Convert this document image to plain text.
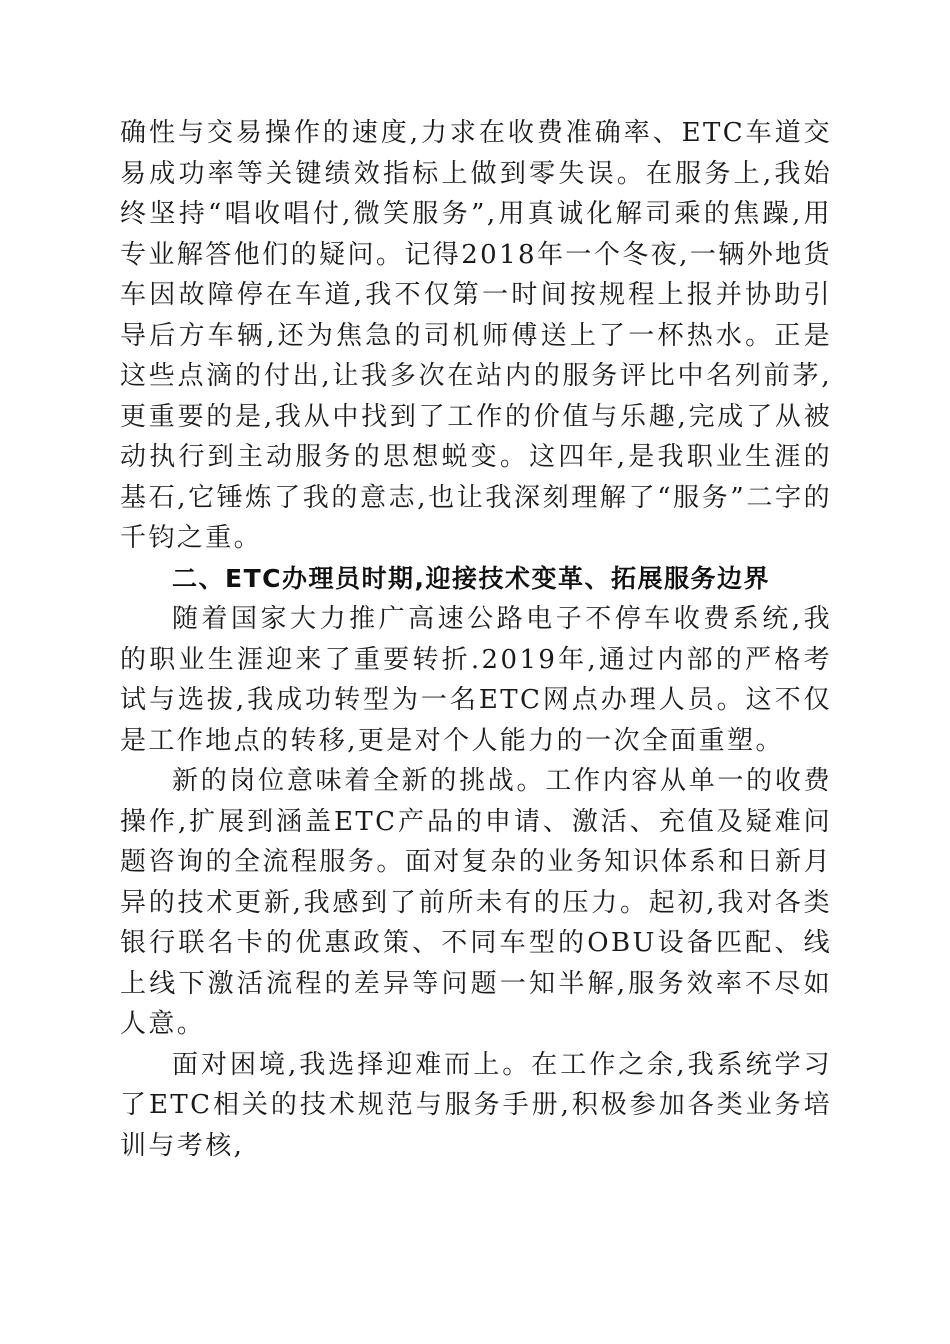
确性与交易操作的速度,力求在收费准确率、ETC车道交易成功率等关键绩效指标上做到零失误。在服务上,我始终坚持“唱收唱付,微笑服务”,用真诚化解司乘的焦躁,用专业解答他们的疑问。记得2018年一个冬夜,一辆外地货车因故障停在车道,我不仅第一时间按规程上报并协助引导后方车辆,还为焦急的司机师傅送上了一杯热水。正是这些点滴的付出,让我多次在站内的服务评比中名列前茅,更重要的是,我从中找到了工作的价值与乐趣,完成了从被动执行到主动服务的思想蜕变。这四年,是我职业生涯的基石,它锤炼了我的意志,也让我深刻理解了“服务”二字的千钧之重。

二、ETC办理员时期,迎接技术变革、拓展服务边界

随着国家大力推广高速公路电子不停车收费系统,我的职业生涯迎来了重要转折.2019年,通过内部的严格考试与选拔,我成功转型为一名ETC网点办理人员。这不仅是工作地点的转移,更是对个人能力的一次全面重塑。

新的岗位意味着全新的挑战。工作内容从单一的收费操作,扩展到涵盖ETC产品的申请、激活、充值及疑难问题咨询的全流程服务。面对复杂的业务知识体系和日新月异的技术更新,我感到了前所未有的压力。起初,我对各类银行联名卡的优惠政策、不同车型的OBU设备匹配、线上线下激活流程的差异等问题一知半解,服务效率不尽如人意。

面对困境,我选择迎难而上。在工作之余,我系统学习了ETC相关的技术规范与服务手册,积极参加各类业务培训与考核,
